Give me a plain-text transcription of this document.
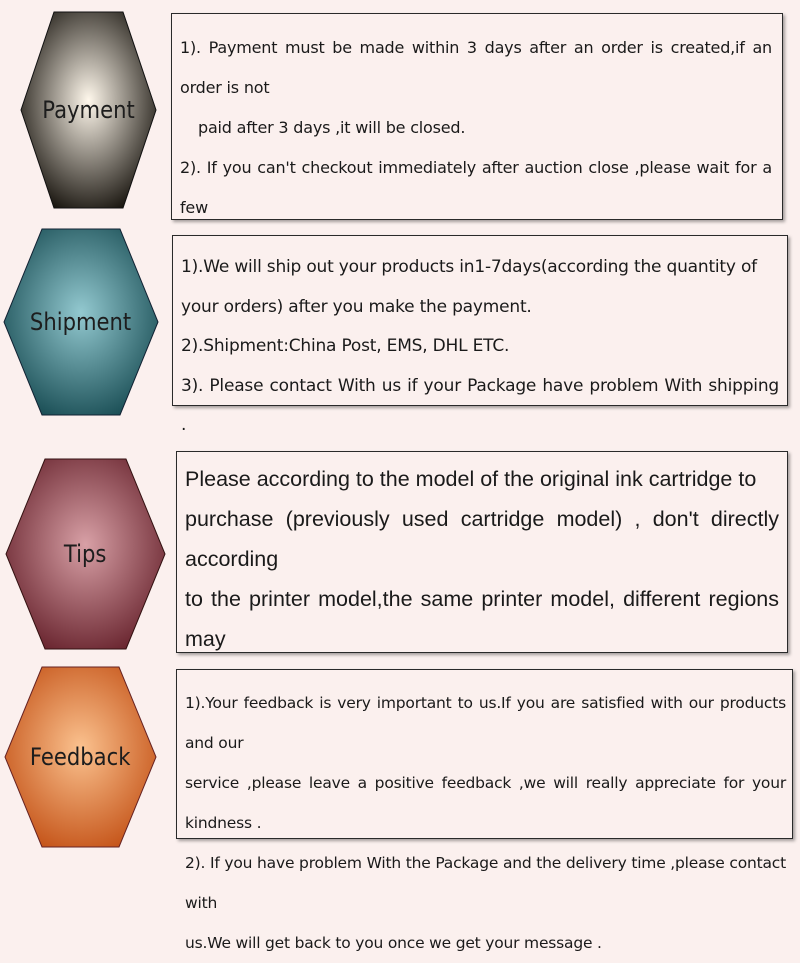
Payment

1). Payment must be made within 3 days after an order is created,if an order is not

paid after 3 days ,it will be closed.

2). If you can't checkout immediately after auction close ,please wait for a few

Shipment

1).We will ship out your products in1-7days(according the quantity of

your orders) after you make the payment.

2).Shipment:China Post, EMS, DHL ETC.

3). Please contact With us if your Package have problem With shipping .

Tips

Please according to the model of the original ink cartridge to

purchase (previously used cartridge model) , don't directly according

to the printer model,the same printer model, different regions may

Feedback

1).Your feedback is very important to us.If you are satisfied with our products and our

service ,please leave a positive feedback ,we will really appreciate for your kindness .

2). If you have problem With the Package and the delivery time ,please contact with

us.We will get back to you once we get your message .
